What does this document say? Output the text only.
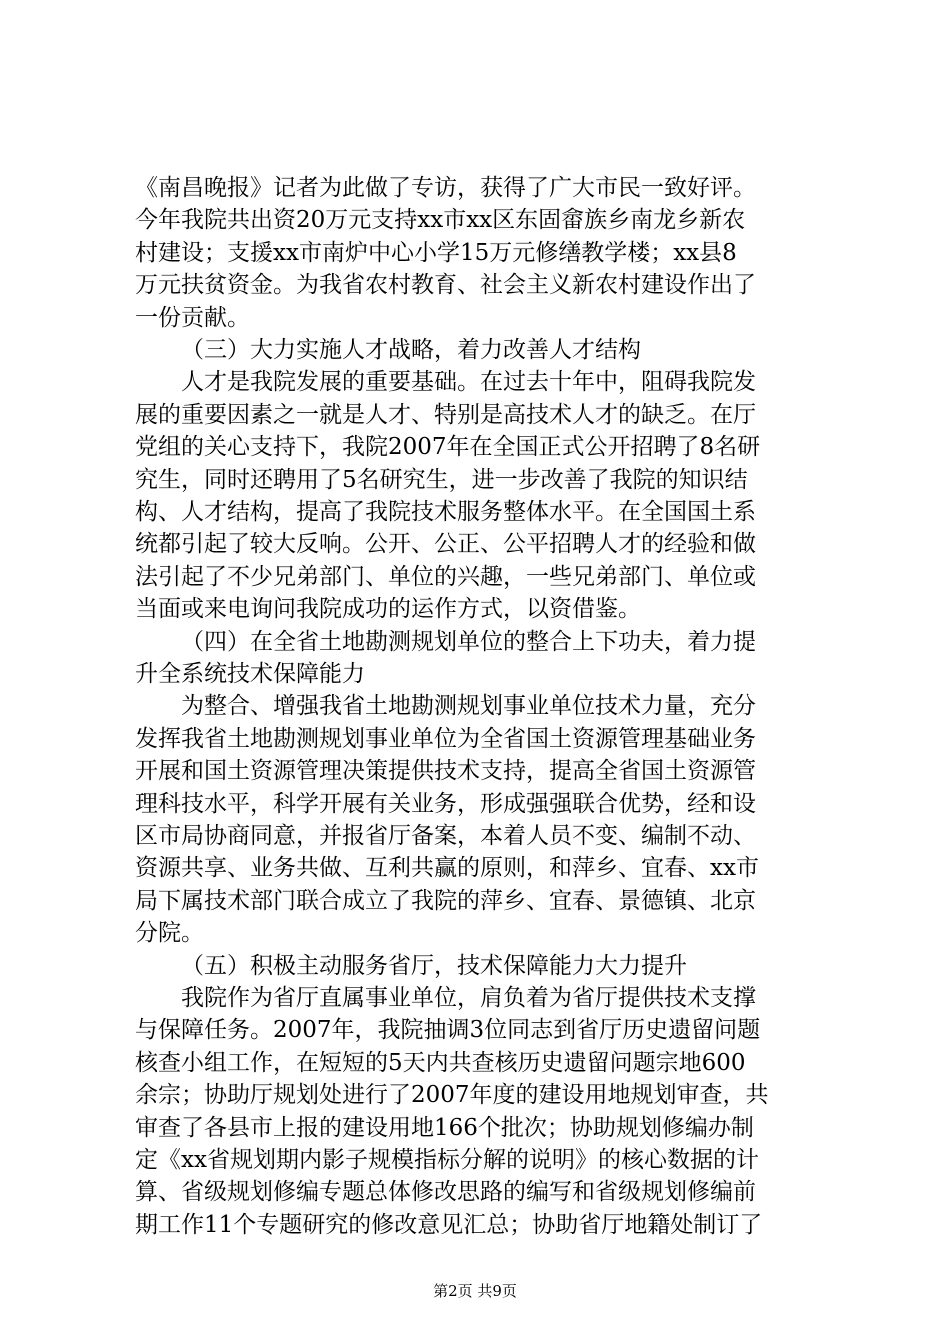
《南昌晚报》记者为此做了专访，获得了广大市民一致好评。
今年我院共出资20万元支持xx市xx区东固畲族乡南龙乡新农
村建设；支援xx市南炉中心小学15万元修缮教学楼；xx县8
万元扶贫资金。为我省农村教育、社会主义新农村建设作出了
一份贡献。
（三）大力实施人才战略，着力改善人才结构
人才是我院发展的重要基础。在过去十年中，阻碍我院发
展的重要因素之一就是人才、特别是高技术人才的缺乏。在厅
党组的关心支持下，我院2007年在全国正式公开招聘了8名研
究生，同时还聘用了5名研究生，进一步改善了我院的知识结
构、人才结构，提高了我院技术服务整体水平。在全国国土系
统都引起了较大反响。公开、公正、公平招聘人才的经验和做
法引起了不少兄弟部门、单位的兴趣，一些兄弟部门、单位或
当面或来电询问我院成功的运作方式，以资借鉴。
（四）在全省土地勘测规划单位的整合上下功夫，着力提
升全系统技术保障能力
为整合、增强我省土地勘测规划事业单位技术力量，充分
发挥我省土地勘测规划事业单位为全省国土资源管理基础业务
开展和国土资源管理决策提供技术支持，提高全省国土资源管
理科技水平，科学开展有关业务，形成强强联合优势，经和设
区市局协商同意，并报省厅备案，本着人员不变、编制不动、
资源共享、业务共做、互利共赢的原则，和萍乡、宜春、xx市
局下属技术部门联合成立了我院的萍乡、宜春、景德镇、北京
分院。
（五）积极主动服务省厅，技术保障能力大力提升
我院作为省厅直属事业单位，肩负着为省厅提供技术支撑
与保障任务。2007年，我院抽调3位同志到省厅历史遗留问题
核查小组工作，在短短的5天内共查核历史遗留问题宗地600
余宗；协助厅规划处进行了2007年度的建设用地规划审查，共
审查了各县市上报的建设用地166个批次；协助规划修编办制
定《xx省规划期内影子规模指标分解的说明》的核心数据的计
算、省级规划修编专题总体修改思路的编写和省级规划修编前
期工作11个专题研究的修改意见汇总；协助省厅地籍处制订了
第2页 共9页
